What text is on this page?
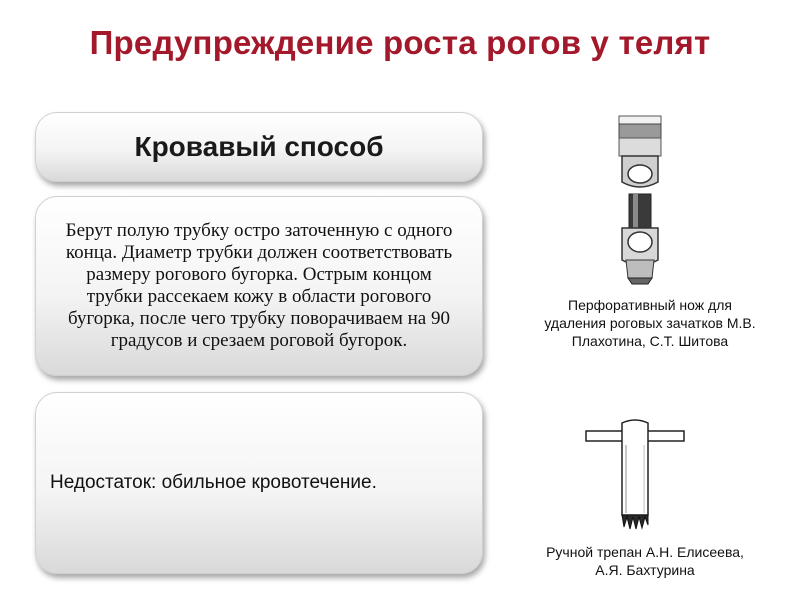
Предупреждение роста рогов у телят
Кровавый способ

Берут полую трубку остро заточенную с одного конца. Диаметр трубки должен соответствовать размеру рогового бугорка. Острым концом трубки рассекаем кожу в области рогового бугорка, после чего трубку поворачиваем на 90 градусов и срезаем роговой бугорок.

Недостаток: обильное кровотечение.

Перфоративный нож для
удаления роговых зачатков М.В.
Плахотина, С.Т. Шитова
Ручной трепан А.Н. Елисеева,
А.Я. Бахтурина
